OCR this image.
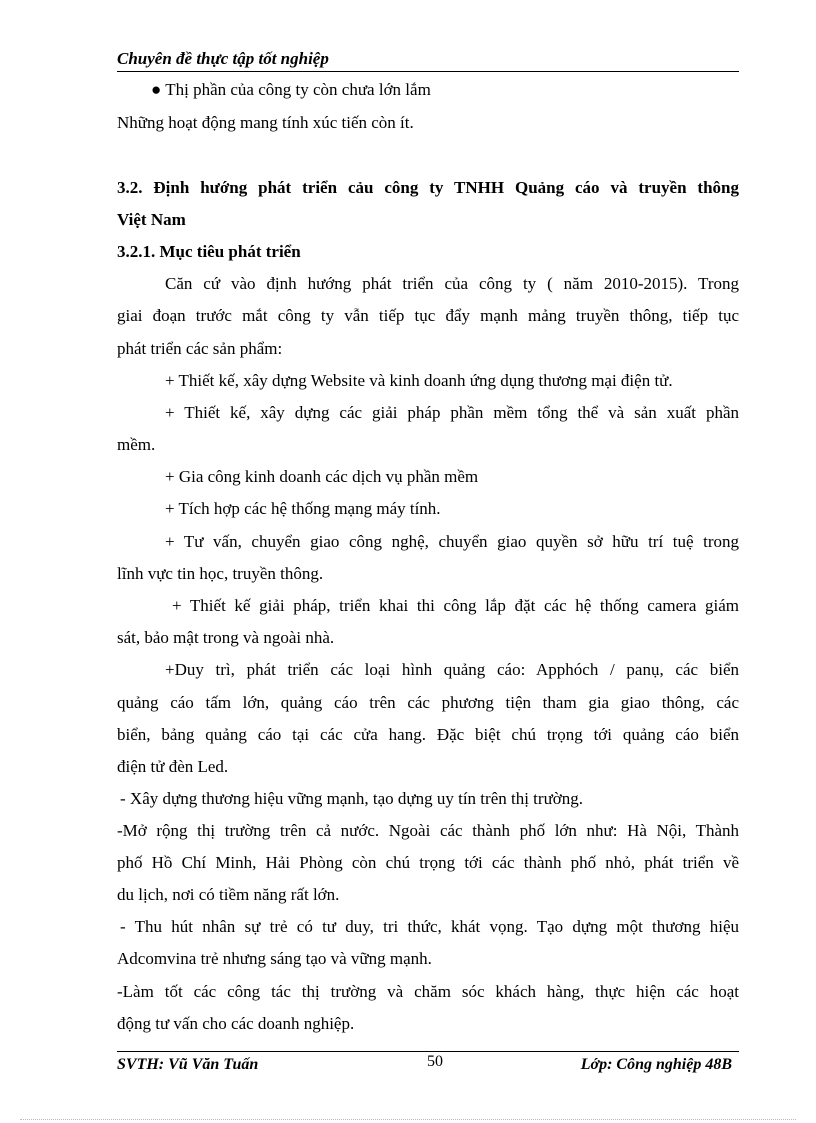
Chuyên đề thực tập tốt nghiệp
● Thị phần của công ty còn chưa lớn lắm
Những hoạt động mang tính xúc tiến còn ít.
3.2. Định hướng phát triển cảu công ty TNHH Quảng cáo và truyền thông
Việt Nam
3.2.1. Mục tiêu phát triển
Căn cứ vào định hướng phát triển của công ty ( năm 2010-2015). Trong
giai đoạn trước mắt công ty vẫn tiếp tục đẩy mạnh mảng truyền thông, tiếp tục
phát triển các sản phẩm:
+ Thiết kế, xây dựng Website và kinh doanh ứng dụng thương mại điện tử.
+ Thiết kế, xây dựng các giải pháp phần mềm tổng thể và sản xuất phần
mềm.
+ Gia công kinh doanh các dịch vụ phần mềm
+ Tích hợp các hệ thống mạng máy tính.
+ Tư vấn, chuyển giao công nghệ, chuyển giao quyền sở hữu trí tuệ trong
lĩnh vực tin học, truyền thông.
+ Thiết kế giải pháp, triển khai thi công lắp đặt các hệ thống camera giám
sát, bảo mật trong và ngoài nhà.
+Duy trì, phát triển các loại hình quảng cáo: Apphóch / panụ, các biển
quảng cáo tấm lớn, quảng cáo trên các phương tiện tham gia giao thông, các
biển, bảng quảng cáo tại các cửa hang. Đặc biệt chú trọng tới quảng cáo biển
điện tử đèn Led.
- Xây dựng thương hiệu vững mạnh, tạo dựng uy tín trên thị trường.
-Mở rộng thị trường trên cả nước. Ngoài các thành phố lớn như: Hà Nội, Thành
phố Hồ Chí Minh, Hải Phòng còn chú trọng tới các thành phố nhỏ, phát triển về
du lịch, nơi có tiềm năng rất lớn.
- Thu hút nhân sự trẻ có tư duy, tri thức, khát vọng. Tạo dựng một thương hiệu
Adcomvina trẻ nhưng sáng tạo và vững mạnh.
-Làm tốt các công tác thị trường và chăm sóc khách hàng, thực hiện các hoạt
động tư vấn cho các doanh nghiệp.
SVTH: Vũ Văn Tuấn	50	Lớp: Công nghiệp 48B
